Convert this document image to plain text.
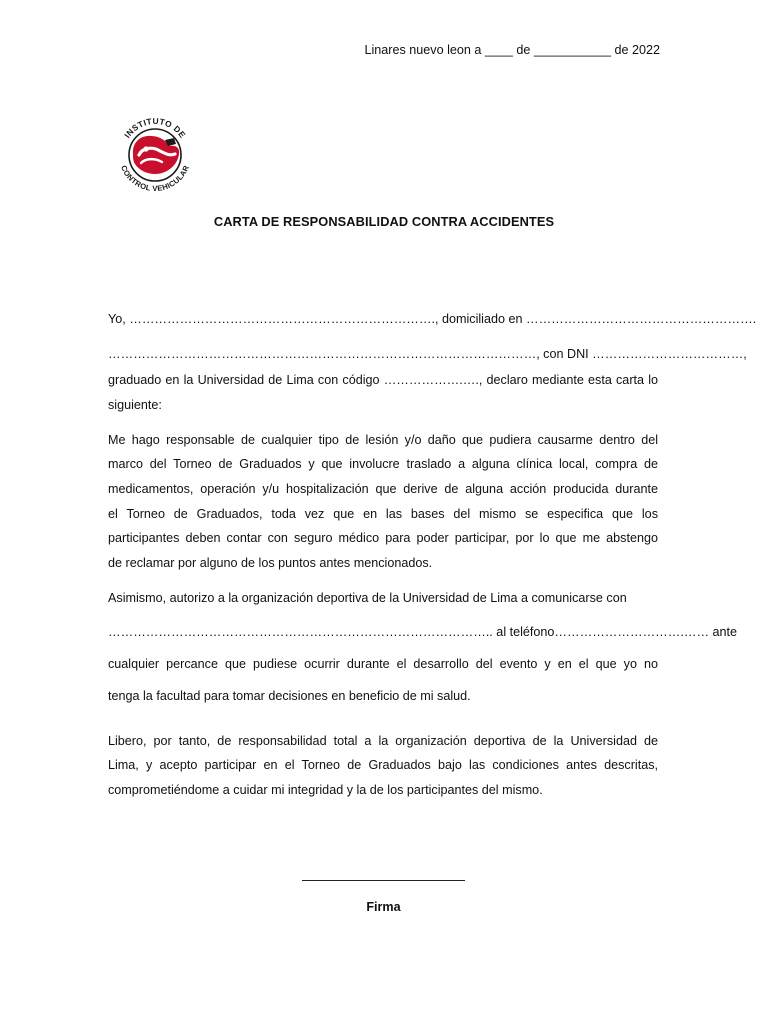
Linares nuevo leon a ____ de ___________ de 2022
INSTITUTO DE
CONTROL VEHICULAR
CARTA DE RESPONSABILIDAD CONTRA ACCIDENTES
Yo, ………………………………………………………………., domiciliado en ……………………………………………….
…………………………………………………………………………………………, con DNI ………………………………,
graduado en la Universidad de Lima con código ……………….…., declaro mediante esta carta lo
siguiente:
Me hago responsable de cualquier tipo de lesión y/o daño que pudiera causarme dentro del
marco del Torneo de Graduados y que involucre traslado a alguna clínica local, compra de
medicamentos, operación y/u hospitalización que derive de alguna acción producida durante
el Torneo de Graduados, toda vez que en las bases del mismo se especifica que los
participantes deben contar con seguro médico para poder participar, por lo que me abstengo
de reclamar por alguno de los puntos antes mencionados.
Asimismo, autorizo a la organización deportiva de la Universidad de Lima a comunicarse con
……………………………………………………………………………….. al teléfono………………………….…… ante
cualquier percance que pudiese ocurrir durante el desarrollo del evento y en el que yo no
tenga la facultad para tomar decisiones en beneficio de mi salud.
Libero, por tanto, de responsabilidad total a la organización deportiva de la Universidad de
Lima, y acepto participar en el Torneo de Graduados bajo las condiciones antes descritas,
comprometiéndome a cuidar mi integridad y la de los participantes del mismo.
Firma
